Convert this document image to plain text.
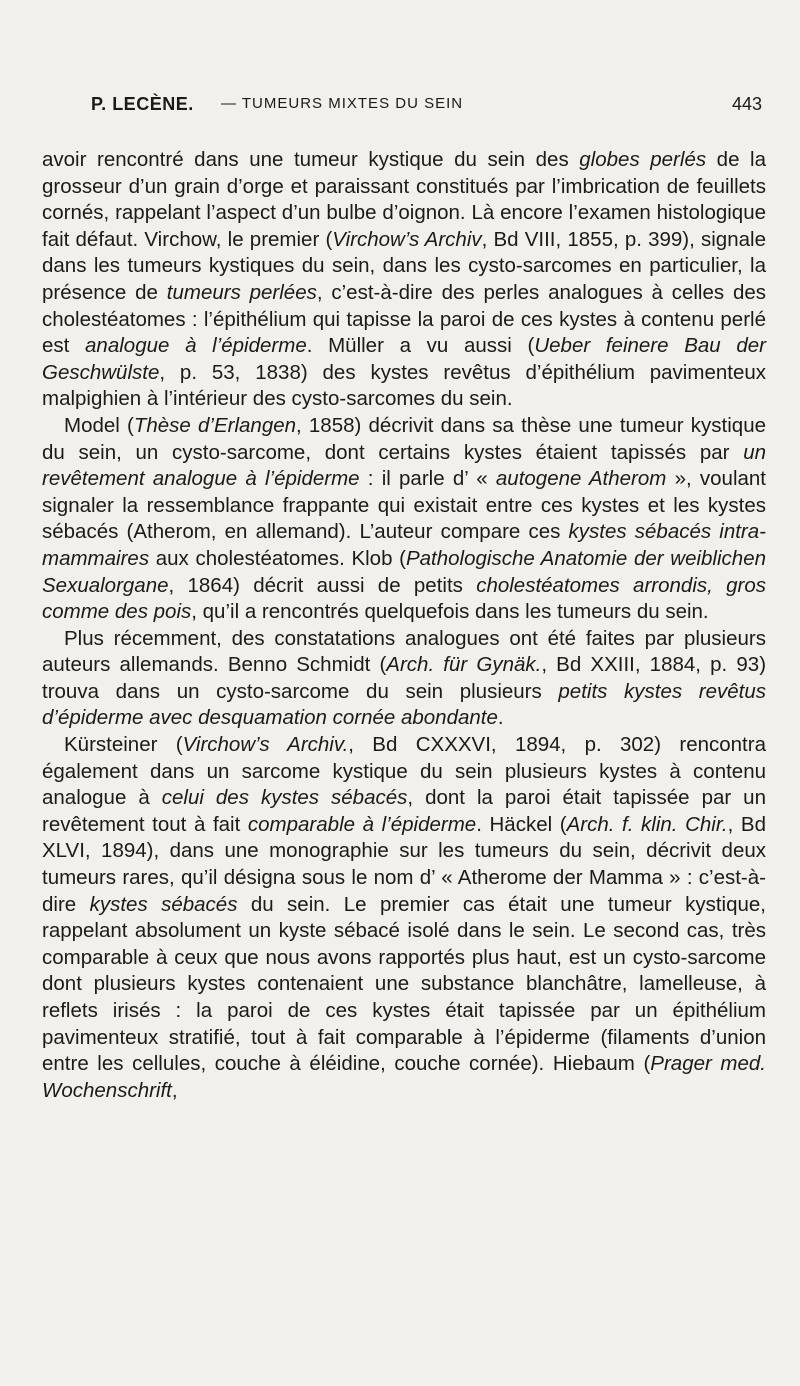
P. LECÈNE. — TUMEURS MIXTES DU SEIN	443

avoir rencontré dans une tumeur kystique du sein des globes perlés de la grosseur d’un grain d’orge et paraissant constitués par l’imbrication de feuillets cornés, rappelant l’aspect d’un bulbe d’oignon. Là encore l’examen histologique fait défaut. Virchow, le premier (Virchow’s Archiv, Bd VIII, 1855, p. 399), signale dans les tumeurs kystiques du sein, dans les cysto-sarcomes en particulier, la présence de tumeurs perlées, c’est-à-dire des perles analogues à celles des cholestéatomes : l’épithélium qui tapisse la paroi de ces kystes à contenu perlé est analogue à l’épiderme. Müller a vu aussi (Ueber feinere Bau der Geschwülste, p. 53, 1838) des kystes revêtus d’épithélium pavimenteux malpighien à l’intérieur des cysto-sarcomes du sein.

Model (Thèse d’Erlangen, 1858) décrivit dans sa thèse une tumeur kystique du sein, un cysto-sarcome, dont certains kystes étaient tapissés par un revêtement analogue à l’épiderme : il parle d’ « autogene Atherom », voulant signaler la ressemblance frappante qui existait entre ces kystes et les kystes sébacés (Atherom, en allemand). L’auteur compare ces kystes sébacés intra-mammaires aux cholestéatomes. Klob (Pathologische Anatomie der weiblichen Sexualorgane, 1864) décrit aussi de petits cholestéatomes arrondis, gros comme des pois, qu’il a rencontrés quelquefois dans les tumeurs du sein.

Plus récemment, des constatations analogues ont été faites par plusieurs auteurs allemands. Benno Schmidt (Arch. für Gynäk., Bd XXIII, 1884, p. 93) trouva dans un cysto-sarcome du sein plusieurs petits kystes revêtus d’épiderme avec desquamation cornée abondante.

Kürsteiner (Virchow’s Archiv., Bd CXXXVI, 1894, p. 302) rencontra également dans un sarcome kystique du sein plusieurs kystes à contenu analogue à celui des kystes sébacés, dont la paroi était tapissée par un revêtement tout à fait comparable à l’épiderme. Häckel (Arch. f. klin. Chir., Bd XLVI, 1894), dans une monographie sur les tumeurs du sein, décrivit deux tumeurs rares, qu’il désigna sous le nom d’ « Atherome der Mamma » : c’est-à-dire kystes sébacés du sein. Le premier cas était une tumeur kystique, rappelant absolument un kyste sébacé isolé dans le sein. Le second cas, très comparable à ceux que nous avons rapportés plus haut, est un cysto-sarcome dont plusieurs kystes contenaient une substance blanchâtre, lamelleuse, à reflets irisés : la paroi de ces kystes était tapissée par un épithélium pavimenteux stratifié, tout à fait comparable à l’épiderme (filaments d’union entre les cellules, couche à éléidine, couche cornée). Hiebaum (Prager med. Wochenschrift,
